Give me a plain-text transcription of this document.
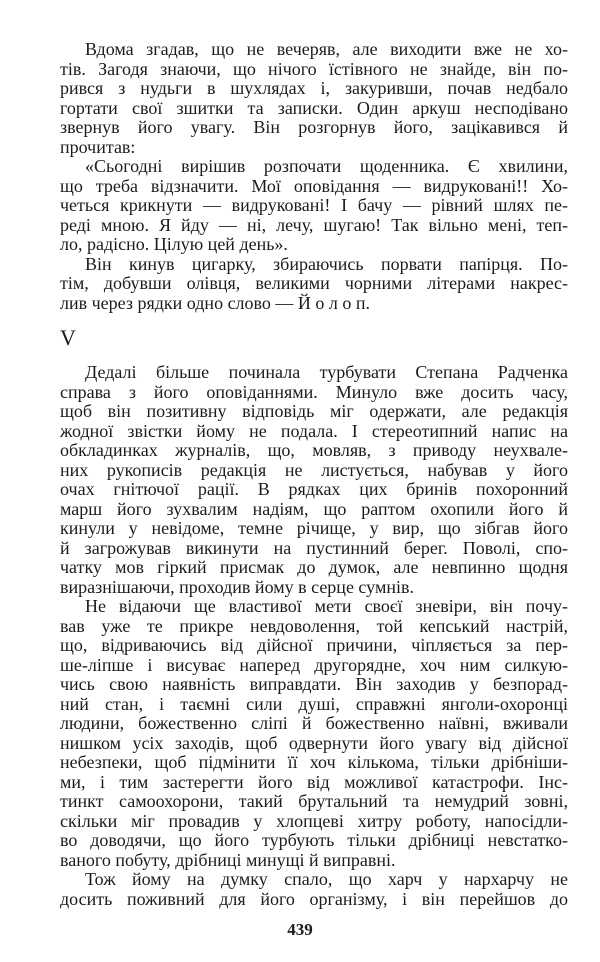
Вдома згадав, що не вечеряв, але виходити вже не хо-
тів. Загодя знаючи, що нічого їстівного не знайде, він по-
рився з нудьги в шухлядах і, закуривши, почав недбало
гортати свої зшитки та записки. Один аркуш несподівано
звернув його увагу. Він розгорнув його, зацікавився й
прочитав:
«Сьогодні вирішив розпочати щоденника. Є хвилини,
що треба відзначити. Мої оповідання — видруковані!! Хо-
четься крикнути — видруковані! І бачу — рівний шлях пе-
реді мною. Я йду — ні, лечу, шугаю! Так вільно мені, теп-
ло, радісно. Цілую цей день».
Він кинув цигарку, збираючись порвати папірця. По-
тім, добувши олівця, великими чорними літерами накрес-
лив через рядки одно слово — Й о л о п.
V
Дедалі більше починала турбувати Степана Радченка
справа з його оповіданнями. Минуло вже досить часу,
щоб він позитивну відповідь міг одержати, але редакція
жодної звістки йому не подала. І стереотипний напис на
обкладинках журналів, що, мовляв, з приводу неухвале-
них рукописів редакція не листується, набував у його
очах гнітючої рації. В рядках цих бринів похоронний
марш його зухвалим надіям, що раптом охопили його й
кинули у невідоме, темне річище, у вир, що зібгав його
й загрожував викинути на пустинний берег. Поволі, спо-
чатку мов гіркий присмак до думок, але невпинно щодня
виразнішаючи, проходив йому в серце сумнів.
Не відаючи ще властивої мети своєї зневіри, він почу-
вав уже те прикре невдоволення, той кепський настрій,
що, відриваючись від дійсної причини, чіпляється за пер-
ше-ліпше і висуває наперед другорядне, хоч ним силкую-
чись свою наявність виправдати. Він заходив у безпорад-
ний стан, і таємні сили душі, справжні янголи-охоронці
людини, божественно сліпі й божественно наївні, вживали
нишком усіх заходів, щоб одвернути його увагу від дійсної
небезпеки, щоб підмінити її хоч кількома, тільки дрібніши-
ми, і тим застерегти його від можливої катастрофи. Інс-
тинкт самоохорони, такий брутальний та немудрий зовні,
скільки міг провадив у хлопцеві хитру роботу, напосідли-
во доводячи, що його турбують тільки дрібниці невстатко-
ваного побуту, дрібниці минущі й виправні.
Тож йому на думку спало, що харч у нархарчу не
досить поживний для його організму, і він перейшов до
439
